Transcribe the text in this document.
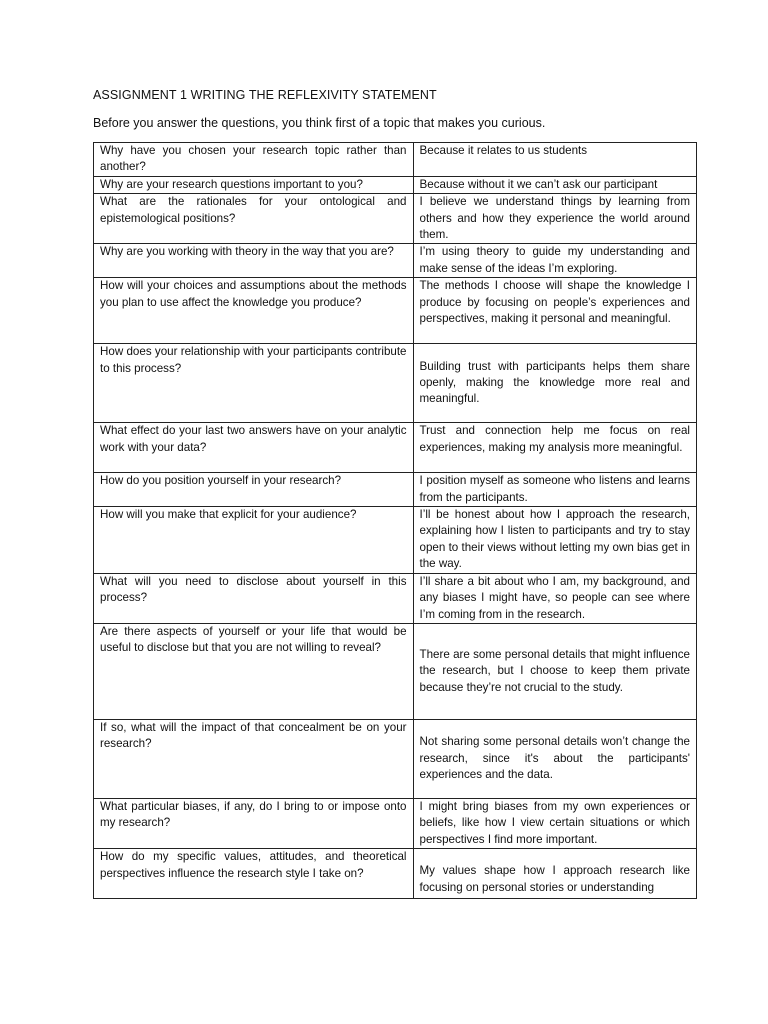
ASSIGNMENT 1 WRITING THE REFLEXIVITY STATEMENT
Before you answer the questions, you think first of a topic that makes you curious.
Why have you chosen your research topic rather than another?	Because it relates to us students
Why are your research questions important to you?	Because without it we can’t ask our participant
What are the rationales for your ontological and epistemological positions?	I believe we understand things by learning from others and how they experience the world around them.
Why are you working with theory in the way that you are?	I’m using theory to guide my understanding and make sense of the ideas I’m exploring.
How will your choices and assumptions about the methods you plan to use affect the knowledge you produce?	The methods I choose will shape the knowledge I produce by focusing on people’s experiences and perspectives, making it personal and meaningful.
How does your relationship with your participants contribute to this process?	Building trust with participants helps them share openly, making the knowledge more real and meaningful.
What effect do your last two answers have on your analytic work with your data?	Trust and connection help me focus on real experiences, making my analysis more meaningful.
How do you position yourself in your research?	I position myself as someone who listens and learns from the participants.
How will you make that explicit for your audience?	I’ll be honest about how I approach the research, explaining how I listen to participants and try to stay open to their views without letting my own bias get in the way.
What will you need to disclose about yourself in this process?	I’ll share a bit about who I am, my background, and any biases I might have, so people can see where I’m coming from in the research.
Are there aspects of yourself or your life that would be useful to disclose but that you are not willing to reveal?	There are some personal details that might influence the research, but I choose to keep them private because they’re not crucial to the study.
If so, what will the impact of that concealment be on your research?	Not sharing some personal details won’t change the research, since it's about the participants' experiences and the data.
What particular biases, if any, do I bring to or impose onto my research?	I might bring biases from my own experiences or beliefs, like how I view certain situations or which perspectives I find more important.
How do my specific values, attitudes, and theoretical perspectives influence the research style I take on?	My values shape how I approach research like focusing on personal stories or understanding
